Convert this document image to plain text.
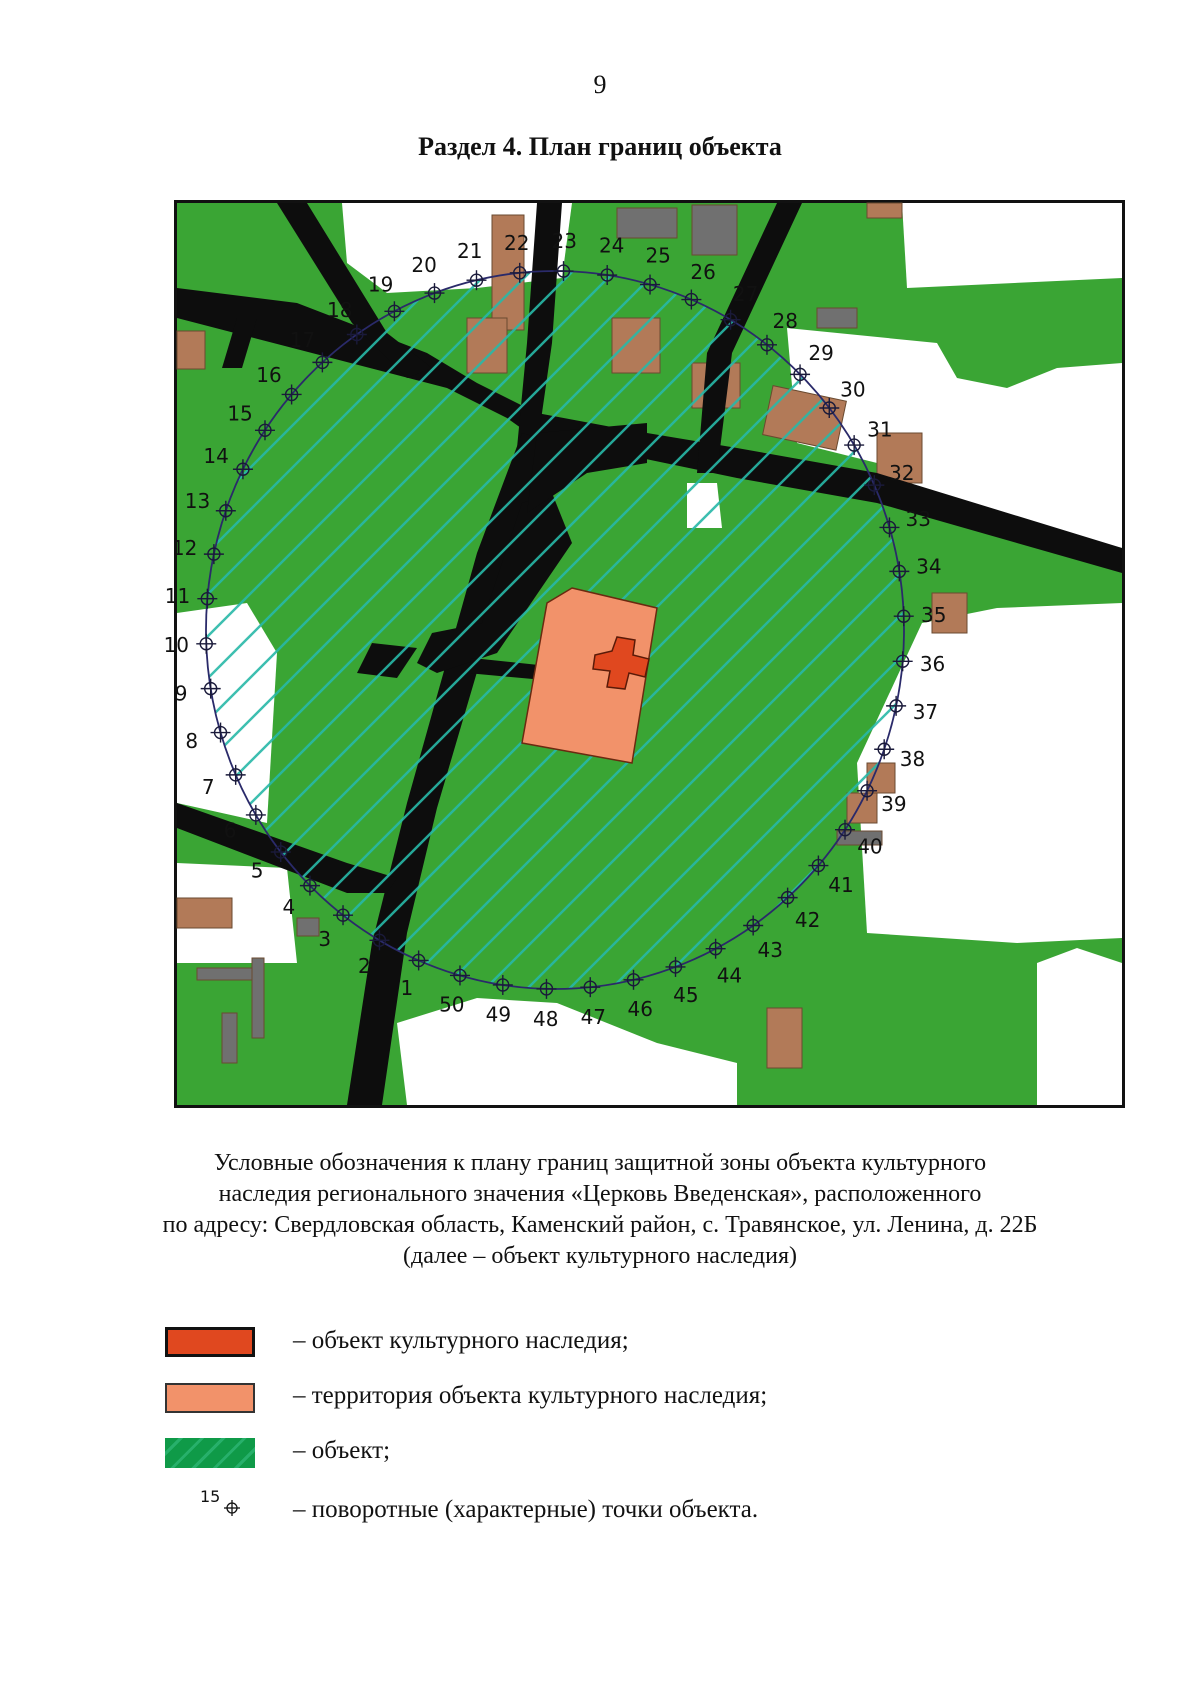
9
Раздел 4. План границ объекта
1
2
3
4
5
6
7
8
9
10
11
12
13
14
15
16
17
18
19
20
21 22 23 24 25
26
27
28
29
30
31
32
33
34
35
36
37
38
39
40
41
42
43
44
45
46
47
48
49
50
Условные обозначения к плану границ защитной зоны объекта культурного
наследия регионального значения «Церковь Введенская», расположенного
по адресу: Свердловская область, Каменский район, с. Травянское, ул. Ленина, д. 22Б
(далее – объект культурного наследия)
– объект культурного наследия;
– территория объекта культурного наследия;
– объект;
15	– поворотные (характерные) точки объекта.
